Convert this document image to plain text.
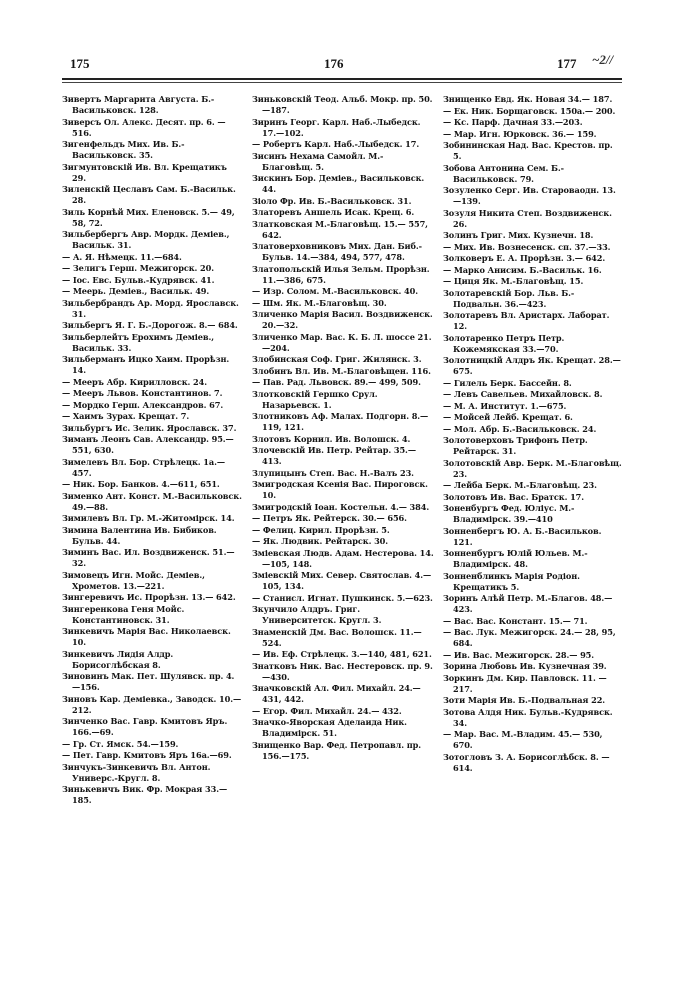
175	176	177 ~2//
Зивертъ Маргарита Августа. Б.-Васильковск. 128.
Зиверсъ Ол. Алекс. Десят. пр. 6. —516.
Зигенфельдъ Мих. Ив. Б.-Васильковск. 35.
Зигмунтовскій Ив. Вл. Крещатикъ 29.
Зиленскій Цеславъ Сам. Б.-Васильк. 28.
Зиль Корнѣй Мих. Еленовск. 5.— 49, 58, 72.
Зильбербергъ Авр. Мордк. Деміев., Васильк. 31.
— А. Я. Нѣмецк. 11.—684.
— Зелигъ Герш. Межигорск. 20.
— Іос. Евс. Бульв.-Кудрявск. 41.
— Меерь. Деміев., Васильк. 49.
Зильбербрандъ Ар. Морд. Ярославск. 31.
Зильбергъ Я. Г. Б.-Дорогож. 8.— 684.
Зильберлейтъ Ерохимъ Деміев., Васильк. 33.
Зильберманъ Ицко Хаим. Прорѣзн. 14.
— Мееръ Абр. Кирилловск. 24.
— Мееръ Львов. Константинов. 7.
— Мордко Герш. Александров. 67.
— Хаимъ Зурах. Крещат. 7.
Зильбургъ Ис. Зелик. Ярославск. 37.
Зиманъ Леонъ Сав. Александр. 95.—551, 630.
Зимелевъ Вл. Бор. Стрѣлецк. 1а.— 457.
— Ник. Бор. Банков. 4.—611, 651.
Зименко Ант. Конст. М.-Васильковск. 49.—88.
Зимилевъ Вл. Гр. М.-Житомірск. 14.
Зимина Валентина Ив. Бибиков. Бульв. 44.
Зиминъ Вас. Ил. Воздвиженск. 51.—32.
Зимовецъ Игн. Мойс. Деміев., Хрометов. 13.—221.
Зингеревичъ Ис. Прорѣзн. 13.— 642.
Зингеренкова Геня Мойс. Константиновск. 31.
Зинкевичъ Марія Вас. Николаевск. 10.
Зинкевичъ Лидія Алдр. Борисоглѣбская 8.
Зиновинъ Мак. Пет. Шулявск. пр. 4.—156.
Зиновъ Кар. Деміевка., Заводск. 10.—212.
Зинченко Вас. Гавр. Кмитовъ Яръ. 166.—69.
— Гр. Ст. Ямск. 54.—159.
— Пет. Гавр. Кмитовъ Яръ 16а.—69.
Зинчукъ-Зинкевичъ Вл. Антон. Универс.-Кругл. 8.
Зинькевичъ Вик. Фр. Мокрая 33.—185.
Зиньковскій Теод. Альб. Мокр. пр. 50.—187.
Зиринъ Георг. Карл. Наб.-Лыбедск. 17.—102.
— Робертъ Карл. Наб.-Лыбедск. 17.
Зисинъ Нехама Самойл. М.-Благовѣщ. 5.
Зискинъ Бор. Деміев., Васильковск. 44.
Зіоло Фр. Ив. Б.-Васильковск. 31.
Златоревъ Аншель Исак. Крещ. 6.
Златковская М.-Благовѣщ. 15.— 557, 642.
Златоверховниковъ Мих. Дан. Биб.-Бульв. 14.—384, 494, 577, 478.
Златопольскій Илья Зельм. Прорѣзн. 11.—386, 675.
— Изр. Солом. М.-Васильковск. 40.
— Шм. Як. М.-Благовѣщ. 30.
Зличенко Марія Васил. Воздвиженск. 20.—32.
Зличенко Мар. Вас. К. Б. Л. шоссе 21.—204.
Злобинская Соф. Григ. Жилянск. 3.
Злобинъ Вл. Ив. М.-Благовѣщен. 116.
— Пав. Рад. Львовск. 89.— 499, 509.
Злотковскій Гершко Срул. Назарьевск. 1.
Злотниковъ Аф. Малах. Подгорн. 8.—119, 121.
Злотовъ Корнил. Ив. Волошск. 4.
Злочевскій Ив. Петр. Рейтар. 35.—413.
Злупицынъ Степ. Вас. Н.-Валъ 23.
Змигродская Ксенія Вас. Пироговск. 10.
Змигродскій Іоан. Костельн. 4.— 384.
— Петръ Як. Рейтерск. 30.— 656.
— Фелиц. Кирил. Прорѣзн. 5.
— Як. Людвик. Рейтарск. 30.
Зміевская Людв. Адам. Нестерова. 14.—105, 148.
Зміевскій Мих. Север. Святослав. 4.—105, 134.
— Станисл. Игнат. Пушкинск. 5.—623.
Зкунчило Алдръ. Григ. Университетск. Кругл. 3.
Знаменскій Дм. Вас. Волошск. 11.—524.
— Ив. Еф. Стрѣлецк. 3.—140, 481, 621.
Знатковъ Ник. Вас. Нестеровск. пр. 9.—430.
Значковскій Ал. Фил. Михайл. 24.—431, 442.
— Егор. Фил. Михайл. 24.— 432.
Значко-Яворская Аделаида Ник. Владимірск. 51.
Знищенко Вар. Фед. Петропавл. пр. 156.—175.
Знищенко Евд. Як. Новая 34.— 187.
— Ек. Ник. Борщаговск. 150а.— 200.
— Кс. Парф. Дачная 33.—203.
— Мар. Игн. Юрковск. 36.— 159.
Зобининская Над. Вас. Крестов. пр. 5.
Зобова Антонина Сем. Б.-Васильковск. 79.
Зозуленко Серг. Ив. Староваодн. 13.—139.
Зозуля Никита Степ. Воздвиженск. 26.
Золинъ Григ. Мих. Кузнечн. 18.
— Мих. Ив. Вознесенск. сп. 37.—33.
Золковеръ Е. А. Прорѣзн. 3.— 642.
— Марко Анисим. Б.-Васильк. 16.
— Циця Як. М.-Благовѣщ. 15.
Золотаревскій Бор. Льв. Б.-Подвальн. 36.—423.
Золотаревъ Вл. Аристарх. Лаборат. 12.
Золотаренко Петръ Петр. Кожемякская 33.—70.
Золотницкій Алдръ Як. Крещат. 28.—675.
— Гилель Берк. Бассейн. 8.
— Левъ Савельев. Михайловск. 8.
— М. А. Институт. 1.—675.
— Мойсей Лейб. Крещат. 6.
— Мол. Абр. Б.-Васильковск. 24.
Золотоверховъ Трифонъ Петр. Рейтарск. 31.
Золотовскій Авр. Берк. М.-Благовѣщ. 23.
— Лейба Берк. М.-Благовѣщ. 23.
Золотовъ Ив. Вас. Братск. 17.
Зоненбургъ Фед. Юліус. М.-Владимірск. 39.—410
Зонненбергъ Ю. А. Б.-Васильков. 121.
Зонненбургъ Юлій Юльев. М.-Владимірск. 48.
Зонненблинкъ Марія Родіон. Крещатикъ 5.
Зоринъ Алѣй Петр. М.-Благов. 48.—423.
— Вас. Вас. Констант. 15.— 71.
— Вас. Лук. Межигорск. 24.— 28, 95, 684.
— Ив. Вас. Межигорск. 28.— 95.
Зорина Любовь Ив. Кузнечная 39.
Зоркинъ Дм. Кир. Павловск. 11. —217.
Зоти Марія Ив. Б.-Подвальная 22.
Зотова Алдя Ник. Бульв.-Кудрявск. 34.
— Мар. Вас. М.-Владим. 45.— 530, 670.
Зотогловъ З. А. Борисоглѣбск. 8. —614.
